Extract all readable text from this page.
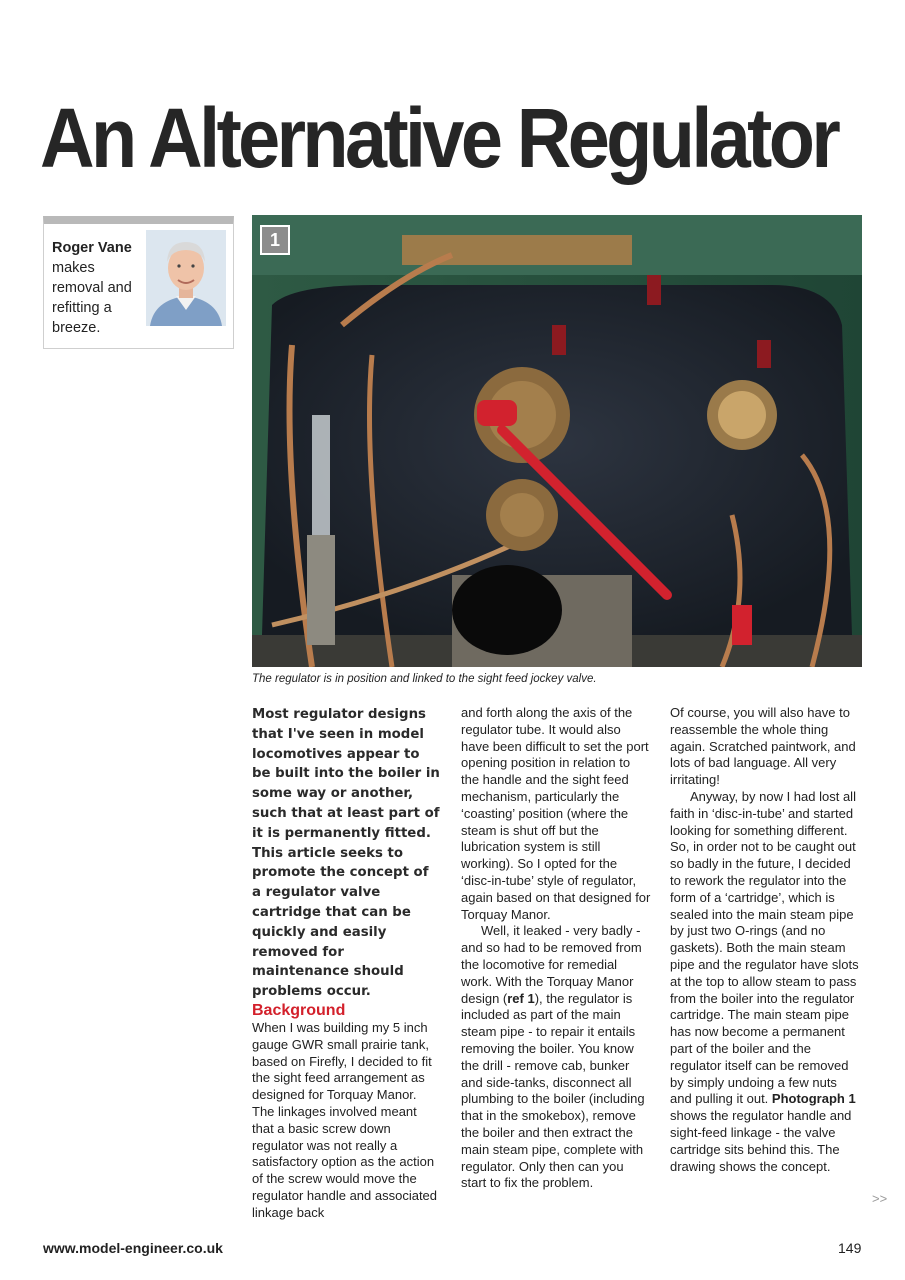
An Alternative Regulator
Roger Vane
makes removal and refitting a breeze.
1
The regulator is in position and linked to the sight feed jockey valve.

Most regulator designs that I've seen in model locomotives appear to be built into the boiler in some way or another, such that at least part of it is permanently fitted. This article seeks to promote the concept of a regulator valve cartridge that can be quickly and easily removed for maintenance should problems occur.

Background

When I was building my 5 inch gauge GWR small prairie tank, based on Firefly, I decided to fit the sight feed arrangement as designed for Torquay Manor. The linkages involved meant that a basic screw down regulator was not really a satisfactory option as the action of the screw would move the regulator handle and associated linkage back

and forth along the axis of the regulator tube. It would also have been difficult to set the port opening position in relation to the handle and the sight feed mechanism, particularly the ‘coasting’ position (where the steam is shut off but the lubrication system is still working). So I opted for the ‘disc-in-tube’ style of regulator, again based on that designed for Torquay Manor.

Well, it leaked - very badly - and so had to be removed from the locomotive for remedial work. With the Torquay Manor design (ref 1), the regulator is included as part of the main steam pipe - to repair it entails removing the boiler. You know the drill - remove cab, bunker and side-tanks, disconnect all plumbing to the boiler (including that in the smokebox), remove the boiler and then extract the main steam pipe, complete with regulator. Only then can you start to fix the problem.

Of course, you will also have to reassemble the whole thing again. Scratched paintwork, and lots of bad language. All very irritating!

Anyway, by now I had lost all faith in ‘disc-in-tube’ and started looking for something different. So, in order not to be caught out so badly in the future, I decided to rework the regulator into the form of a ‘cartridge’, which is sealed into the main steam pipe by just two O-rings (and no gaskets). Both the main steam pipe and the regulator have slots at the top to allow steam to pass from the boiler into the regulator cartridge. The main steam pipe has now become a permanent part of the boiler and the regulator itself can be removed by simply undoing a few nuts and pulling it out. Photograph 1 shows the regulator handle and sight-feed linkage - the valve cartridge sits behind this. The drawing shows the concept.

>>
www.model-engineer.co.uk	149
